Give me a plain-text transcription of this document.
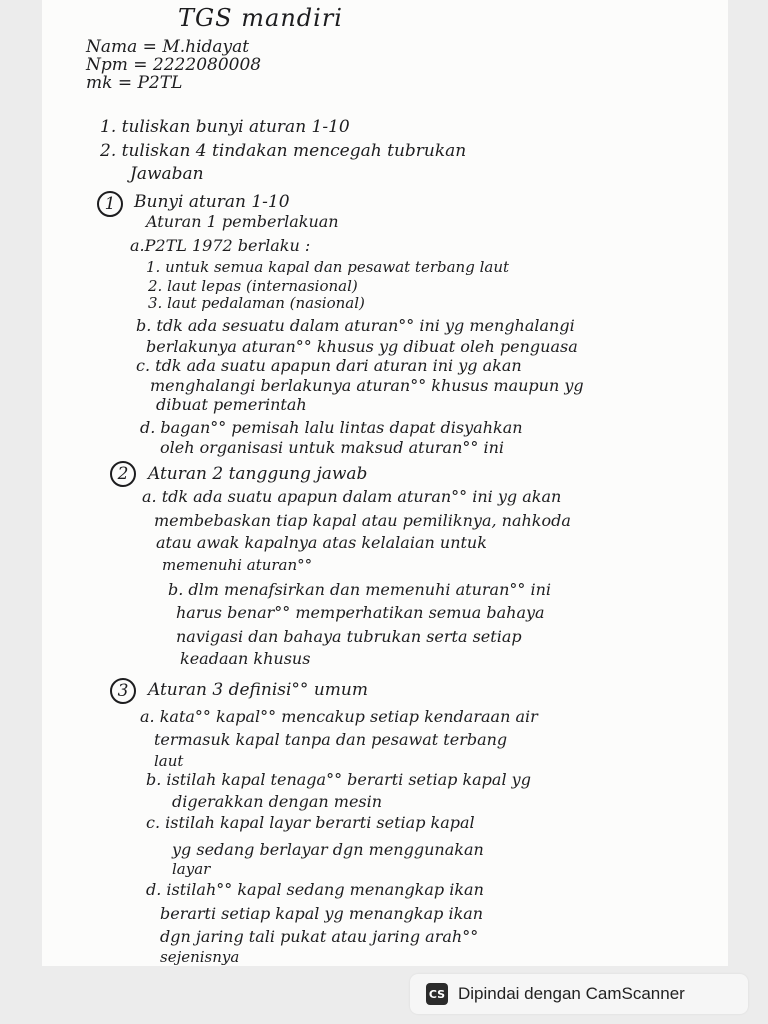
TGS mandiri
Nama = M.hidayat
Npm = 2222080008
mk = P2TL
1. tuliskan bunyi aturan 1-10
2. tuliskan 4 tindakan mencegah tubrukan
Jawaban
1	Bunyi aturan 1-10
Aturan 1 pemberlakuan
a.P2TL 1972 berlaku :
1. untuk semua kapal dan pesawat terbang laut
2. laut lepas (internasional)
3. laut pedalaman (nasional)
b. tdk ada sesuatu dalam aturan°° ini yg menghalangi
berlakunya aturan°° khusus yg dibuat oleh penguasa
c. tdk ada suatu apapun dari aturan ini yg akan
menghalangi berlakunya aturan°° khusus maupun yg
dibuat pemerintah
d. bagan°° pemisah lalu lintas dapat disyahkan
oleh organisasi untuk maksud aturan°° ini
2	Aturan 2 tanggung jawab
a. tdk ada suatu apapun dalam aturan°° ini yg akan
membebaskan tiap kapal atau pemiliknya, nahkoda
atau awak kapalnya atas kelalaian untuk
memenuhi aturan°°
b. dlm menafsirkan dan memenuhi aturan°° ini
harus benar°° memperhatikan semua bahaya
navigasi dan bahaya tubrukan serta setiap
keadaan khusus
3	Aturan 3 definisi°° umum
a. kata°° kapal°° mencakup setiap kendaraan air
termasuk kapal tanpa dan pesawat terbang
laut
b. istilah kapal tenaga°° berarti setiap kapal yg
digerakkan dengan mesin
c. istilah kapal layar berarti setiap kapal
yg sedang berlayar dgn menggunakan
layar
d. istilah°° kapal sedang menangkap ikan
berarti setiap kapal yg menangkap ikan
dgn jaring tali pukat atau jaring arah°°
sejenisnya
CS Dipindai dengan CamScanner
